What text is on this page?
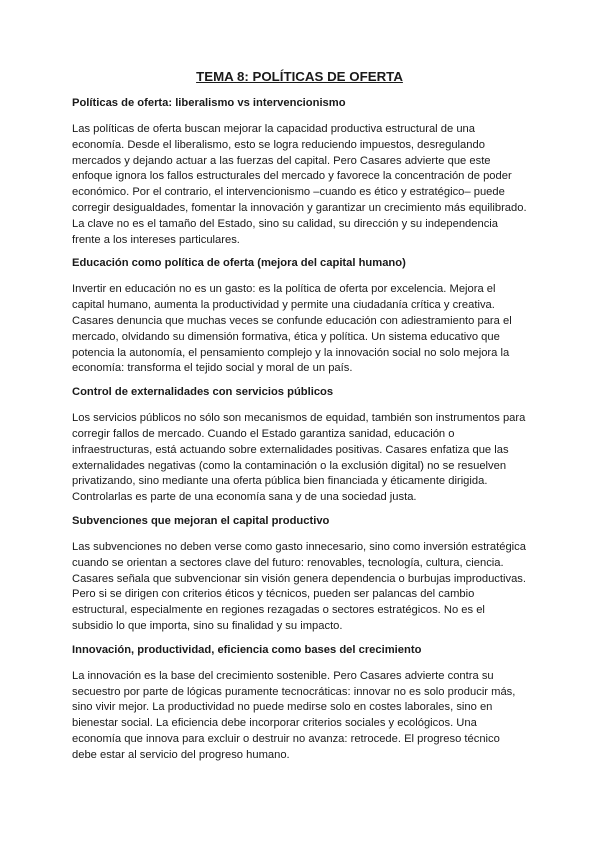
TEMA 8: POLÍTICAS DE OFERTA
Políticas de oferta: liberalismo vs intervencionismo

Las políticas de oferta buscan mejorar la capacidad productiva estructural de una economía. Desde el liberalismo, esto se logra reduciendo impuestos, desregulando mercados y dejando actuar a las fuerzas del capital. Pero Casares advierte que este enfoque ignora los fallos estructurales del mercado y favorece la concentración de poder económico. Por el contrario, el intervencionismo –cuando es ético y estratégico– puede corregir desigualdades, fomentar la innovación y garantizar un crecimiento más equilibrado. La clave no es el tamaño del Estado, sino su calidad, su dirección y su independencia frente a los intereses particulares.

Educación como política de oferta (mejora del capital humano)

Invertir en educación no es un gasto: es la política de oferta por excelencia. Mejora el capital humano, aumenta la productividad y permite una ciudadanía crítica y creativa. Casares denuncia que muchas veces se confunde educación con adiestramiento para el mercado, olvidando su dimensión formativa, ética y política. Un sistema educativo que potencia la autonomía, el pensamiento complejo y la innovación social no solo mejora la economía: transforma el tejido social y moral de un país.

Control de externalidades con servicios públicos

Los servicios públicos no sólo son mecanismos de equidad, también son instrumentos para corregir fallos de mercado. Cuando el Estado garantiza sanidad, educación o infraestructuras, está actuando sobre externalidades positivas. Casares enfatiza que las externalidades negativas (como la contaminación o la exclusión digital) no se resuelven privatizando, sino mediante una oferta pública bien financiada y éticamente dirigida. Controlarlas es parte de una economía sana y de una sociedad justa.

Subvenciones que mejoran el capital productivo

Las subvenciones no deben verse como gasto innecesario, sino como inversión estratégica cuando se orientan a sectores clave del futuro: renovables, tecnología, cultura, ciencia. Casares señala que subvencionar sin visión genera dependencia o burbujas improductivas. Pero si se dirigen con criterios éticos y técnicos, pueden ser palancas del cambio estructural, especialmente en regiones rezagadas o sectores estratégicos. No es el subsidio lo que importa, sino su finalidad y su impacto.

Innovación, productividad, eficiencia como bases del crecimiento

La innovación es la base del crecimiento sostenible. Pero Casares advierte contra su secuestro por parte de lógicas puramente tecnocráticas: innovar no es solo producir más, sino vivir mejor. La productividad no puede medirse solo en costes laborales, sino en bienestar social. La eficiencia debe incorporar criterios sociales y ecológicos. Una economía que innova para excluir o destruir no avanza: retrocede. El progreso técnico debe estar al servicio del progreso humano.
